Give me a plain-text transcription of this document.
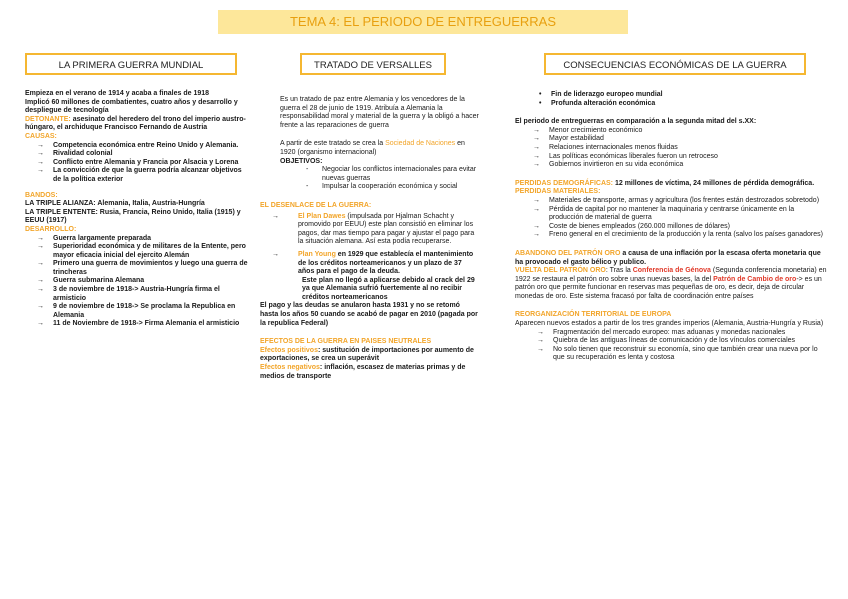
TEMA 4: EL PERIODO DE ENTREGUERRAS
LA PRIMERA GUERRA MUNDIAL	TRATADO DE VERSALLES	CONSECUENCIAS ECONÓMICAS DE LA GUERRA

Empieza en el verano de 1914 y acaba a finales de 1918

Implicó 60 millones de combatientes, cuatro años y desarrollo y despliegue de tecnología

DETONANTE: asesinato del heredero del trono del imperio austro-húngaro, el archiduque Francisco Fernando de Austria

CAUSAS:

→ Competencia económica entre Reino Unido y Alemania.
→ Rivalidad colonial
→ Conflicto entre Alemania y Francia por Alsacia y Lorena
→ La convicción de que la guerra podría alcanzar objetivos de la política exterior

BANDOS:

LA TRIPLE ALIANZA: Alemania, Italia, Austria-Hungría

LA TRIPLE ENTENTE: Rusia, Francia, Reino Unido, Italia (1915) y EEUU (1917)

DESARROLLO:

→ Guerra largamente preparada
→ Superioridad económica y de militares de la Entente, pero mayor eficacia inicial del ejercito Alemán
→ Primero una guerra de movimientos y luego una guerra de trincheras
→ Guerra submarina Alemana
→ 3 de noviembre de 1918-> Austria-Hungría firma el armisticio
→ 9 de noviembre de 1918-> Se proclama la Republica en Alemania
→ 11 de Noviembre de 1918-> Firma Alemania el armisticio

Es un tratado de paz entre Alemania y los vencedores de la guerra el 28 de junio de 1919. Atribuía a Alemania la responsabilidad moral y material de la guerra y la obligó a hacer frente a las reparaciones de guerra

A partir de este tratado se crea la Sociedad de Naciones en 1920 (organismo internacional)

OBJETIVOS:

- Negociar los conflictos internacionales para evitar nuevas guerras
- Impulsar la cooperación económica y social

EL DESENLACE DE LA GUERRA:

→ El Plan Dawes (impulsada por Hjalman Schacht y promovido por EEUU) este plan consistió en eliminar los pagos, dar mas tiempo para pagar y ajustar el pago para la situación alemana. Así esta podía recuperarse.
→ Plan Young en 1929 que establecía el mantenimiento de los créditos norteamericanos y un plazo de 37 años para el pago de la deuda.
Este plan no llegó a aplicarse debido al crack del 29 ya que Alemania sufrió fuertemente al no recibir créditos norteamericanos

El pago y las deudas se anularon hasta 1931 y no se retomó hasta los años 50 cuando se acabó de pagar en 2010 (pagada por la republica Federal)

EFECTOS DE LA GUERRA EN PAISES NEUTRALES

Efectos positivos: sustitución de importaciones por aumento de exportaciones, se crea un superávit

Efectos negativos: inflación, escasez de materias primas y de medios de transporte

• Fin de liderazgo europeo mundial
• Profunda alteración económica

El periodo de entreguerras en comparación a la segunda mitad del s.XX:

→ Menor crecimiento económico
→ Mayor estabilidad
→ Relaciones internacionales menos fluidas
→ Las políticas económicas liberales fueron un retroceso
→ Gobiernos invirtieron en su vida económica

PERDIDAS DEMOGRÁFICAS: 12 millones de víctima, 24 millones de pérdida demográfica.

PERDIDAS MATERIALES:

→ Materiales de transporte, armas y agricultura (los frentes están destrozados sobretodo)
→ Pérdida de capital por no mantener la maquinaria y centrarse únicamente en la producción de material de guerra
→ Coste de bienes empleados (260.000 millones de dólares)
→ Freno general en el crecimiento de la producción y la renta (salvo los países ganadores)

ABANDONO DEL PATRÓN ORO a causa de una inflación por la escasa oferta monetaria que ha provocado el gasto bélico y publico.

VUELTA DEL PATRÓN ORO: Tras la Conferencia de Génova (Segunda conferencia monetaria) en 1922 se restaura el patrón oro sobre unas nuevas bases, la del Patrón de Cambio de oro-> es un patrón oro que permite funcionar en reservas mas pequeñas de oro, es decir, deja de circular monedas de oro. Este sistema fracasó por falta de coordinación entre países

REORGANIZACIÓN TERRITORIAL DE EUROPA

Aparecen nuevos estados a partir de los tres grandes imperios (Alemania, Austria-Hungría y Rusia)

→ Fragmentación del mercado europeo: mas aduanas y monedas nacionales
→ Quiebra de las antiguas líneas de comunicación y de los vínculos comerciales
→ No solo tienen que reconstruir su economía, sino que también crear una nueva por lo que su recuperación es lenta y costosa
